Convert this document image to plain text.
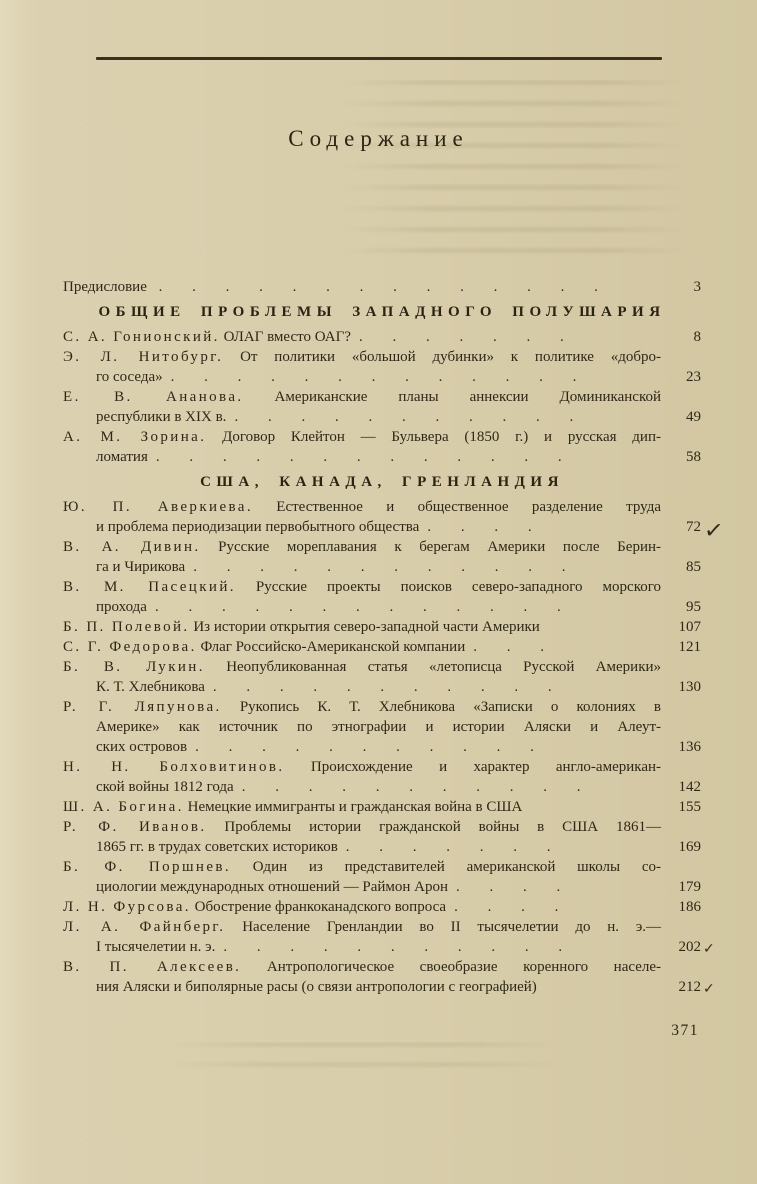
Содержание
Предисловие . . . . . . . . . . . . . .	3
ОБЩИЕ ПРОБЛЕМЫ ЗАПАДНОГО ПОЛУШАРИЯ
С. А. Гонионский. ОЛАГ вместо ОАГ? . . . . . . .	8
Э. Л. Нитобург. От политики «большой дубинки» к политике «добро-
го соседа» . . . . . . . . . . . . .	23
Е. В. Ананова. Американские планы аннексии Доминиканской
республики в XIX в. . . . . . . . . . . .	49
А. М. Зорина. Договор Клейтон — Бульвера (1850 г.) и русская дип-
ломатия . . . . . . . . . . . . .	58
США, КАНАДА, ГРЕНЛАНДИЯ
Ю. П. Аверкиева. Естественное и общественное разделение труда
и проблема периодизации первобытного общества . . . .	72 ✓
В. А. Дивин. Русские мореплавания к берегам Америки после Берин-
га и Чирикова . . . . . . . . . . . .	85
В. М. Пасецкий. Русские проекты поисков северо-западного морского
прохода . . . . . . . . . . . . .	95
Б. П. Полевой. Из истории открытия северо-западной части Америки	107
С. Г. Федорова. Флаг Российско-Американской компании . . .	121
Б. В. Лукин. Неопубликованная статья «летописца Русской Америки»
К. Т. Хлебникова . . . . . . . . . . .	130
Р. Г. Ляпунова. Рукопись К. Т. Хлебникова «Записки о колониях в
Америке» как источник по этнографии и истории Аляски и Алеут-
ских островов . . . . . . . . . . .	136
Н. Н. Болховитинов. Происхождение и характер англо-американ-
ской войны 1812 года . . . . . . . . . . .	142
Ш. А. Богина. Немецкие иммигранты и гражданская война в США	155
Р. Ф. Иванов. Проблемы истории гражданской войны в США 1861—
1865 гг. в трудах советских историков . . . . . . .	169
Б. Ф. Поршнев. Один из представителей американской школы со-
циологии международных отношений — Раймон Арон . . . .	179
Л. Н. Фурсова. Обострение франкоканадского вопроса . . . .	186
Л. А. Файнберг. Население Гренландии во II тысячелетии до н. э.—
I тысячелетии н. э. . . . . . . . . . . .	202 ✓
В. П. Алексеев. Антропологическое своеобразие коренного населе-
ния Аляски и биполярные расы (о связи антропологии с географией)	212 ✓
371
